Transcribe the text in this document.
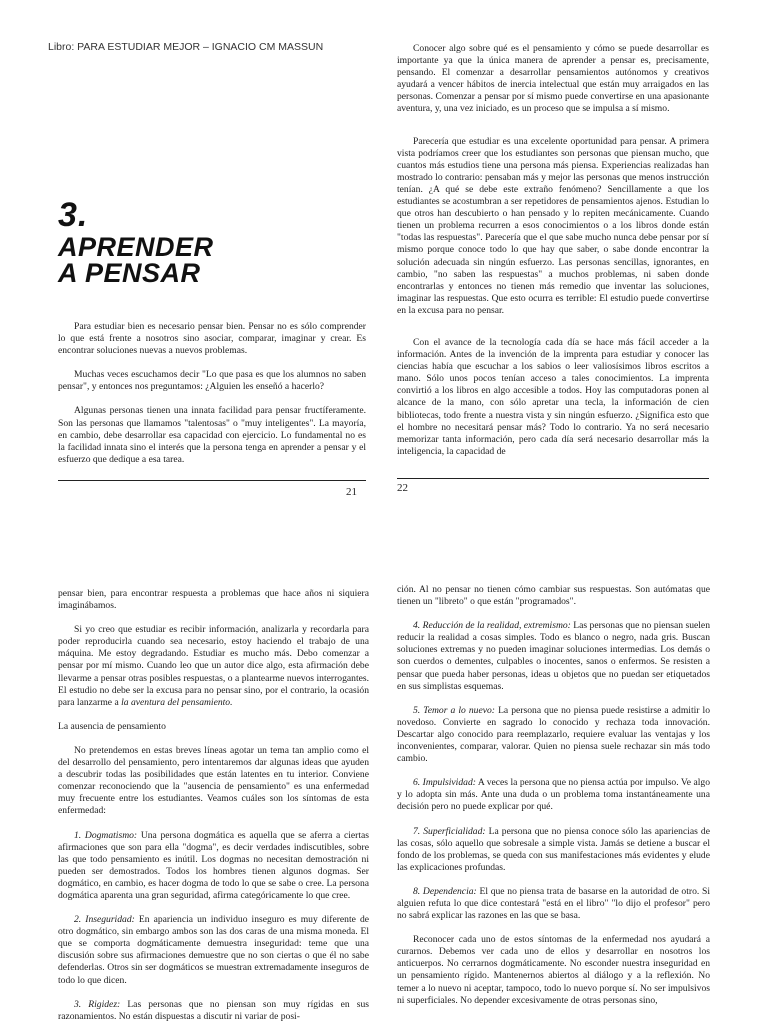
Libro: PARA ESTUDIAR MEJOR – IGNACIO CM MASSUN
3.
APRENDER
A PENSAR

Para estudiar bien es necesario pensar bien. Pensar no es sólo comprender lo que está frente a nosotros sino asociar, comparar, imaginar y crear. Es encontrar soluciones nuevas a nuevos problemas.

Muchas veces escuchamos decir "Lo que pasa es que los alumnos no saben pensar", y entonces nos preguntamos: ¿Alguien les enseñó a hacerlo?

Algunas personas tienen una innata facilidad para pensar fructíferamente. Son las personas que llamamos "talentosas" o "muy inteligentes". La mayoría, en cambio, debe desarrollar esa capacidad con ejercicio. Lo fundamental no es la facilidad innata sino el interés que la persona tenga en aprender a pensar y el esfuerzo que dedique a esa tarea.

21

Conocer algo sobre qué es el pensamiento y cómo se puede desarrollar es importante ya que la única manera de aprender a pensar es, precisamente, pensando. El comenzar a desarrollar pensamientos autónomos y creativos ayudará a vencer hábitos de inercia intelectual que están muy arraigados en las personas. Comenzar a pensar por sí mismo puede convertirse en una apasionante aventura, y, una vez iniciado, es un proceso que se impulsa a sí mismo.

Parecería que estudiar es una excelente oportunidad para pensar. A primera vista podríamos creer que los estudiantes son personas que piensan mucho, que cuantos más estudios tiene una persona más piensa. Experiencias realizadas han mostrado lo contrario: pensaban más y mejor las personas que menos instrucción tenían. ¿A qué se debe este extraño fenómeno? Sencillamente a que los estudiantes se acostumbran a ser repetidores de pensamientos ajenos. Estudian lo que otros han descubierto o han pensado y lo repiten mecánicamente. Cuando tienen un problema recurren a esos conocimientos o a los libros donde están "todas las respuestas". Parecería que el que sabe mucho nunca debe pensar por sí mismo porque conoce todo lo que hay que saber, o sabe donde encontrar la solución adecuada sin ningún esfuerzo. Las personas sencillas, ignorantes, en cambio, "no saben las respuestas" a muchos problemas, ni saben donde encontrarlas y entonces no tienen más remedio que inventar las soluciones, imaginar las respuestas. Que esto ocurra es terrible: El estudio puede convertirse en la excusa para no pensar.

Con el avance de la tecnología cada día se hace más fácil acceder a la información. Antes de la invención de la imprenta para estudiar y conocer las ciencias había que escuchar a los sabios o leer valiosísimos libros escritos a mano. Sólo unos pocos tenían acceso a tales conocimientos. La imprenta convirtió a los libros en algo accesible a todos. Hoy las computadoras ponen al alcance de la mano, con sólo apretar una tecla, la información de cien bibliotecas, todo frente a nuestra vista y sin ningún esfuerzo. ¿Significa esto que el hombre no necesitará pensar más? Todo lo contrario. Ya no será necesario memorizar tanta información, pero cada día será necesario desarrollar más la inteligencia, la capacidad de

22

pensar bien, para encontrar respuesta a problemas que hace años ni siquiera imaginábamos.

Si yo creo que estudiar es recibir información, analizarla y recordarla para poder reproducirla cuando sea necesario, estoy haciendo el trabajo de una máquina. Me estoy degradando. Estudiar es mucho más. Debo comenzar a pensar por mí mismo. Cuando leo que un autor dice algo, esta afirmación debe llevarme a pensar otras posibles respuestas, o a plantearme nuevos interrogantes. El estudio no debe ser la excusa para no pensar sino, por el contrario, la ocasión para lanzarme a la aventura del pensamiento.

La ausencia de pensamiento

No pretendemos en estas breves líneas agotar un tema tan amplio como el del desarrollo del pensamiento, pero intentaremos dar algunas ideas que ayuden a descubrir todas las posibilidades que están latentes en tu interior. Conviene comenzar reconociendo que la "ausencia de pensamiento" es una enfermedad muy frecuente entre los estudiantes. Veamos cuáles son los síntomas de esta enfermedad:

1. Dogmatismo: Una persona dogmática es aquella que se aferra a ciertas afirmaciones que son para ella "dogma", es decir verdades indiscutibles, sobre las que todo pensamiento es inútil. Los dogmas no necesitan demostración ni pueden ser demostrados. Todos los hombres tienen algunos dogmas. Ser dogmático, en cambio, es hacer dogma de todo lo que se sabe o cree. La persona dogmática aparenta una gran seguridad, afirma categóricamente lo que cree.

2. Inseguridad: En apariencia un individuo inseguro es muy diferente de otro dogmático, sin embargo ambos son las dos caras de una misma moneda. El que se comporta dogmáticamente demuestra inseguridad: teme que una discusión sobre sus afirmaciones demuestre que no son ciertas o que él no sabe defenderlas. Otros sin ser dogmáticos se muestran extremadamente inseguros de todo lo que dicen.

3. Rigidez: Las personas que no piensan son muy rígidas en sus razonamientos. No están dispuestas a discutir ni variar de posi-

ción. Al no pensar no tienen cómo cambiar sus respuestas. Son autómatas que tienen un "libreto" o que están "programados".

4. Reducción de la realidad, extremismo: Las personas que no piensan suelen reducir la realidad a cosas simples. Todo es blanco o negro, nada gris. Buscan soluciones extremas y no pueden imaginar soluciones intermedias. Los demás o son cuerdos o dementes, culpables o inocentes, sanos o enfermos. Se resisten a pensar que pueda haber personas, ideas u objetos que no puedan ser etiquetados en sus simplistas esquemas.

5. Temor a lo nuevo: La persona que no piensa puede resistirse a admitir lo novedoso. Convierte en sagrado lo conocido y rechaza toda innovación. Descartar algo conocido para reemplazarlo, requiere evaluar las ventajas y los inconvenientes, comparar, valorar. Quien no piensa suele rechazar sin más todo cambio.

6. Impulsividad: A veces la persona que no piensa actúa por impulso. Ve algo y lo adopta sin más. Ante una duda o un problema toma instantáneamente una decisión pero no puede explicar por qué.

7. Superficialidad: La persona que no piensa conoce sólo las apariencias de las cosas, sólo aquello que sobresale a simple vista. Jamás se detiene a buscar el fondo de los problemas, se queda con sus manifestaciones más evidentes y elude las explicaciones profundas.

8. Dependencia: El que no piensa trata de basarse en la autoridad de otro. Si alguien refuta lo que dice contestará "está en el libro" "lo dijo el profesor" pero no sabrá explicar las razones en las que se basa.

Reconocer cada uno de estos síntomas de la enfermedad nos ayudará a curarnos. Debemos ver cada uno de ellos y desarrollar en nosotros los anticuerpos. No cerrarnos dogmáticamente. No esconder nuestra inseguridad en un pensamiento rígido. Mantenernos abiertos al diálogo y a la reflexión. No temer a lo nuevo ni aceptar, tampoco, todo lo nuevo porque sí. No ser impulsivos ni superficiales. No depender excesivamente de otras personas sino,
